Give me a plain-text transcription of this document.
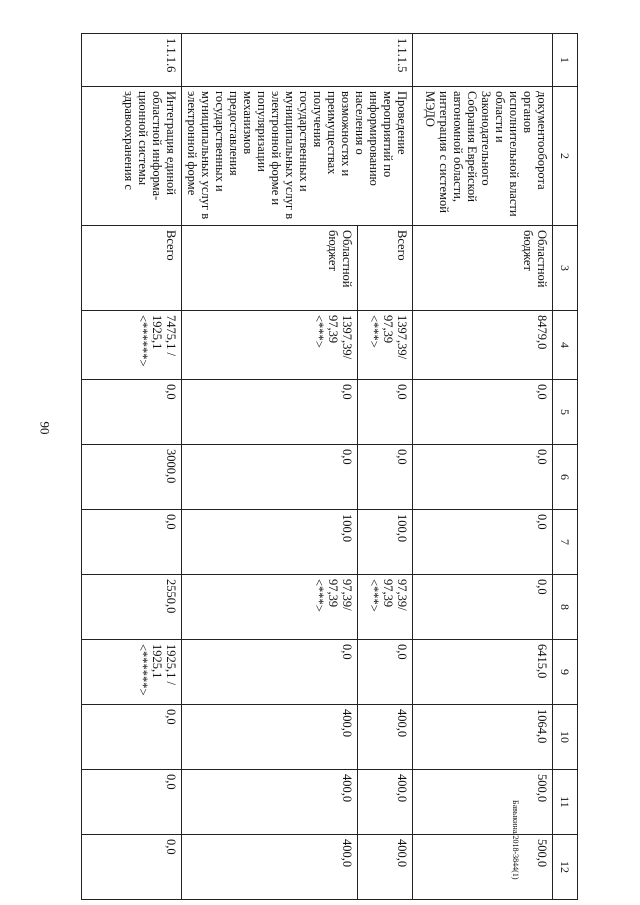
90
Бавыкина/2018-3844(1)
1	2	3	4	5	6	7	8	9	10	11	12
	документооборота органов исполнительной власти области и Законодательного Собрания Еврейской автономной области, интеграция с системой МЭДО	Областной бюджет	8479,0	0,0	0,0	0,0	0,0	6415,0	1064,0	500,0	500,0
1.1.1.5	Проведение мероприятий по информированию населения о возможностях и преимуществах получения государственных и муниципальных услуг в электронной форме и популяризации механизмов предоставления государственных и муниципальных услуг в электронной форме	Всего	1397,39/ 97,39 <***>	0,0	0,0	100,0	97,39/ 97,39 <***>	0,0	400,0	400,0	400,0
		Областной бюджет	1397,39/ 97,39 <***>	0,0	0,0	100,0	97,39/ 97,39 <***>	0,0	400,0	400,0	400,0
1.1.1.6	Интеграция единой областной информа-ционной системы здравоохранения с	Всего	7475,1 / 1925,1 <******>	0,0	3000,0	0,0	2550,0	1925,1 / 1925,1 <******>	0,0	0,0	0,0
